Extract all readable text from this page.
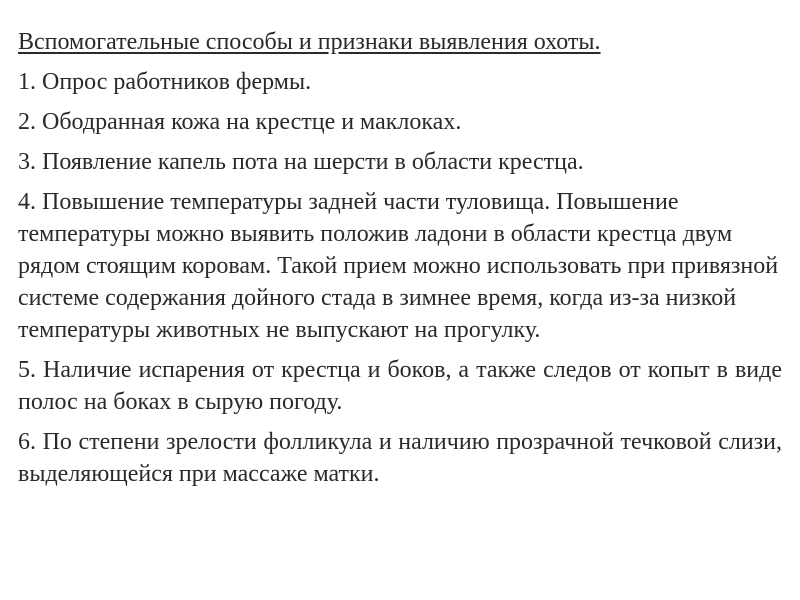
Вспомогательные способы и признаки выявления охоты.

1. Опрос работников фермы.

2. Ободранная кожа на крестце и маклоках.

3. Появление капель пота на шерсти в области крестца.

4. Повышение температуры задней части туловища. Повышение температуры можно выявить положив ладони в области крестца двум рядом стоящим коровам. Такой прием можно использовать при привязной системе содержания дойного стада в зимнее время, когда из-за низкой температуры животных не выпускают на прогулку.

5. Наличие испарения от крестца и боков, а также следов от копыт в виде полос на боках в сырую погоду.

6. По степени зрелости фолликула и наличию прозрачной течковой слизи, выделяющейся при массаже матки.
